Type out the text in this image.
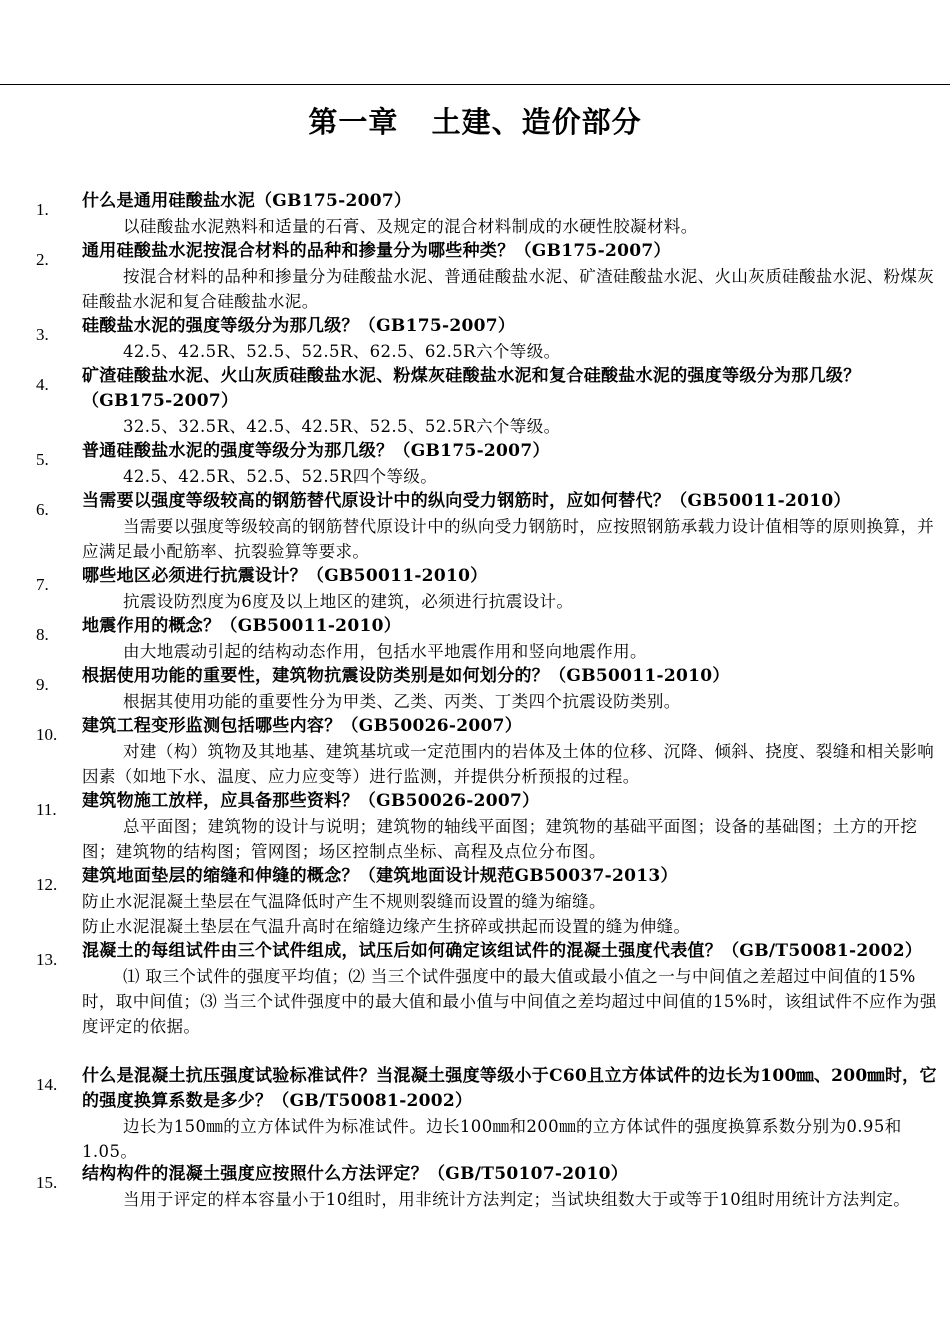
第一章   土建、造价部分
1. 什么是通用硅酸盐水泥（GB175-2007）
以硅酸盐水泥熟料和适量的石膏、及规定的混合材料制成的水硬性胶凝材料。
2. 通用硅酸盐水泥按混合材料的品种和掺量分为哪些种类？（GB175-2007）
按混合材料的品种和掺量分为硅酸盐水泥、普通硅酸盐水泥、矿渣硅酸盐水泥、火山灰质硅酸盐水泥、粉煤灰硅酸盐水泥和复合硅酸盐水泥。
3. 硅酸盐水泥的强度等级分为那几级？（GB175-2007）
42.5、42.5R、52.5、52.5R、62.5、62.5R六个等级。
4. 矿渣硅酸盐水泥、火山灰质硅酸盐水泥、粉煤灰硅酸盐水泥和复合硅酸盐水泥的强度等级分为那几级？（GB175-2007）
32.5、32.5R、42.5、42.5R、52.5、52.5R六个等级。
5. 普通硅酸盐水泥的强度等级分为那几级？（GB175-2007）
42.5、42.5R、52.5、52.5R四个等级。
6. 当需要以强度等级较高的钢筋替代原设计中的纵向受力钢筋时，应如何替代？（GB50011-2010）
当需要以强度等级较高的钢筋替代原设计中的纵向受力钢筋时，应按照钢筋承载力设计值相等的原则换算，并应满足最小配筋率、抗裂验算等要求。
7. 哪些地区必须进行抗震设计？（GB50011-2010）
抗震设防烈度为6度及以上地区的建筑，必须进行抗震设计。
8. 地震作用的概念？（GB50011-2010）
由大地震动引起的结构动态作用，包括水平地震作用和竖向地震作用。
9. 根据使用功能的重要性，建筑物抗震设防类别是如何划分的？（GB50011-2010）
根据其使用功能的重要性分为甲类、乙类、丙类、丁类四个抗震设防类别。
10. 建筑工程变形监测包括哪些内容？（GB50026-2007）
对建（构）筑物及其地基、建筑基坑或一定范围内的岩体及土体的位移、沉降、倾斜、挠度、裂缝和相关影响因素（如地下水、温度、应力应变等）进行监测，并提供分析预报的过程。
11. 建筑物施工放样，应具备那些资料？（GB50026-2007）
总平面图；建筑物的设计与说明；建筑物的轴线平面图；建筑物的基础平面图；设备的基础图；土方的开挖图；建筑物的结构图；管网图；场区控制点坐标、高程及点位分布图。
12. 建筑地面垫层的缩缝和伸缝的概念？（建筑地面设计规范GB50037-2013）
防止水泥混凝土垫层在气温降低时产生不规则裂缝而设置的缝为缩缝。
防止水泥混凝土垫层在气温升高时在缩缝边缘产生挤碎或拱起而设置的缝为伸缝。
13. 混凝土的每组试件由三个试件组成，试压后如何确定该组试件的混凝土强度代表值？（GB/T50081-2002）
⑴ 取三个试件的强度平均值；⑵ 当三个试件强度中的最大值或最小值之一与中间值之差超过中间值的15%时，取中间值；⑶ 当三个试件强度中的最大值和最小值与中间值之差均超过中间值的15%时，该组试件不应作为强度评定的依据。
14. 什么是混凝土抗压强度试验标准试件？当混凝土强度等级小于C60且立方体试件的边长为100㎜、200㎜时，它的强度换算系数是多少？（GB/T50081-2002）
边长为150㎜的立方体试件为标准试件。边长100㎜和200㎜的立方体试件的强度换算系数分别为0.95和1.05。
15. 结构构件的混凝土强度应按照什么方法评定？（GB/T50107-2010）
当用于评定的样本容量小于10组时，用非统计方法判定；当试块组数大于或等于10组时用统计方法判定。
